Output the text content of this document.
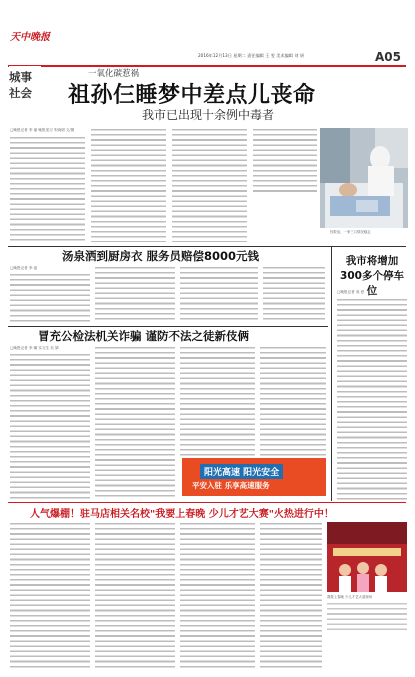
天中晚报
2016年12月13日 星期二 责任编辑 王 雯 美术编辑 刘 妍	A05
城事
社会
一氧化碳惹祸
祖孙仨睡梦中差点儿丧命
我市已出现十余例中毒者
□晚报记者 李 丽 晚报见习 朱晓明 文/图
经救治，一家三口情况稳定
汤泉洒到厨房衣 服务员赔偿8000元钱
□晚报记者 李 晶
冒充公检法机关诈骗 谨防不法之徒新伎俩
□晚报记者 李 娜 实习生 吴 婧
阳光高速 阳光安全
平安入驻 乐享高速服务
我市将增加300多个停车位
□晚报记者 高 爱
人气爆棚！驻马店相关名校"我要上春晚 少儿才艺大赛"火热进行中！
我要上春晚 少儿才艺大赛现场
